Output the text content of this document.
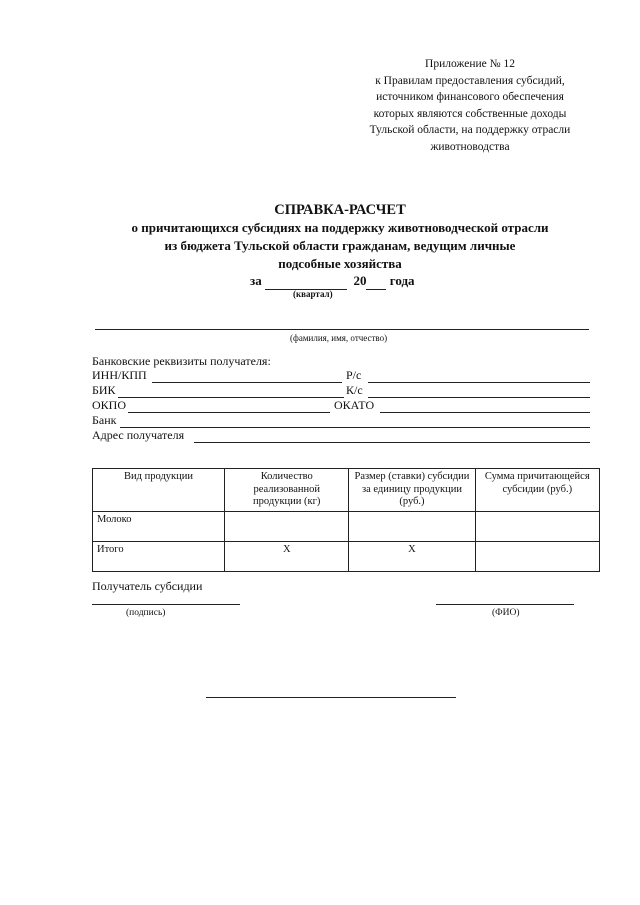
Приложение № 12
к Правилам предоставления субсидий,
источником финансового обеспечения
которых являются собственные доходы
Тульской области, на поддержку отрасли
животноводства
СПРАВКА-РАСЧЕТ
о причитающихся субсидиях на поддержку животноводческой отрасли
из бюджета Тульской области гражданам, ведущим личные
подсобные хозяйства
за	20 года
(квартал)
(фамилия, имя, отчество)
Банковские реквизиты получателя:
ИНН/КПП	Р/с
БИК	К/с
ОКПО	ОКАТО
Банк
Адрес получателя
Вид продукции	Количество реализованной продукции (кг)	Размер (ставки) субсидии за единицу продукции (руб.)	Сумма причитающейся субсидии (руб.)
Молоко			
Итого	Х	Х	
Получатель субсидии
(подпись)	(ФИО)
